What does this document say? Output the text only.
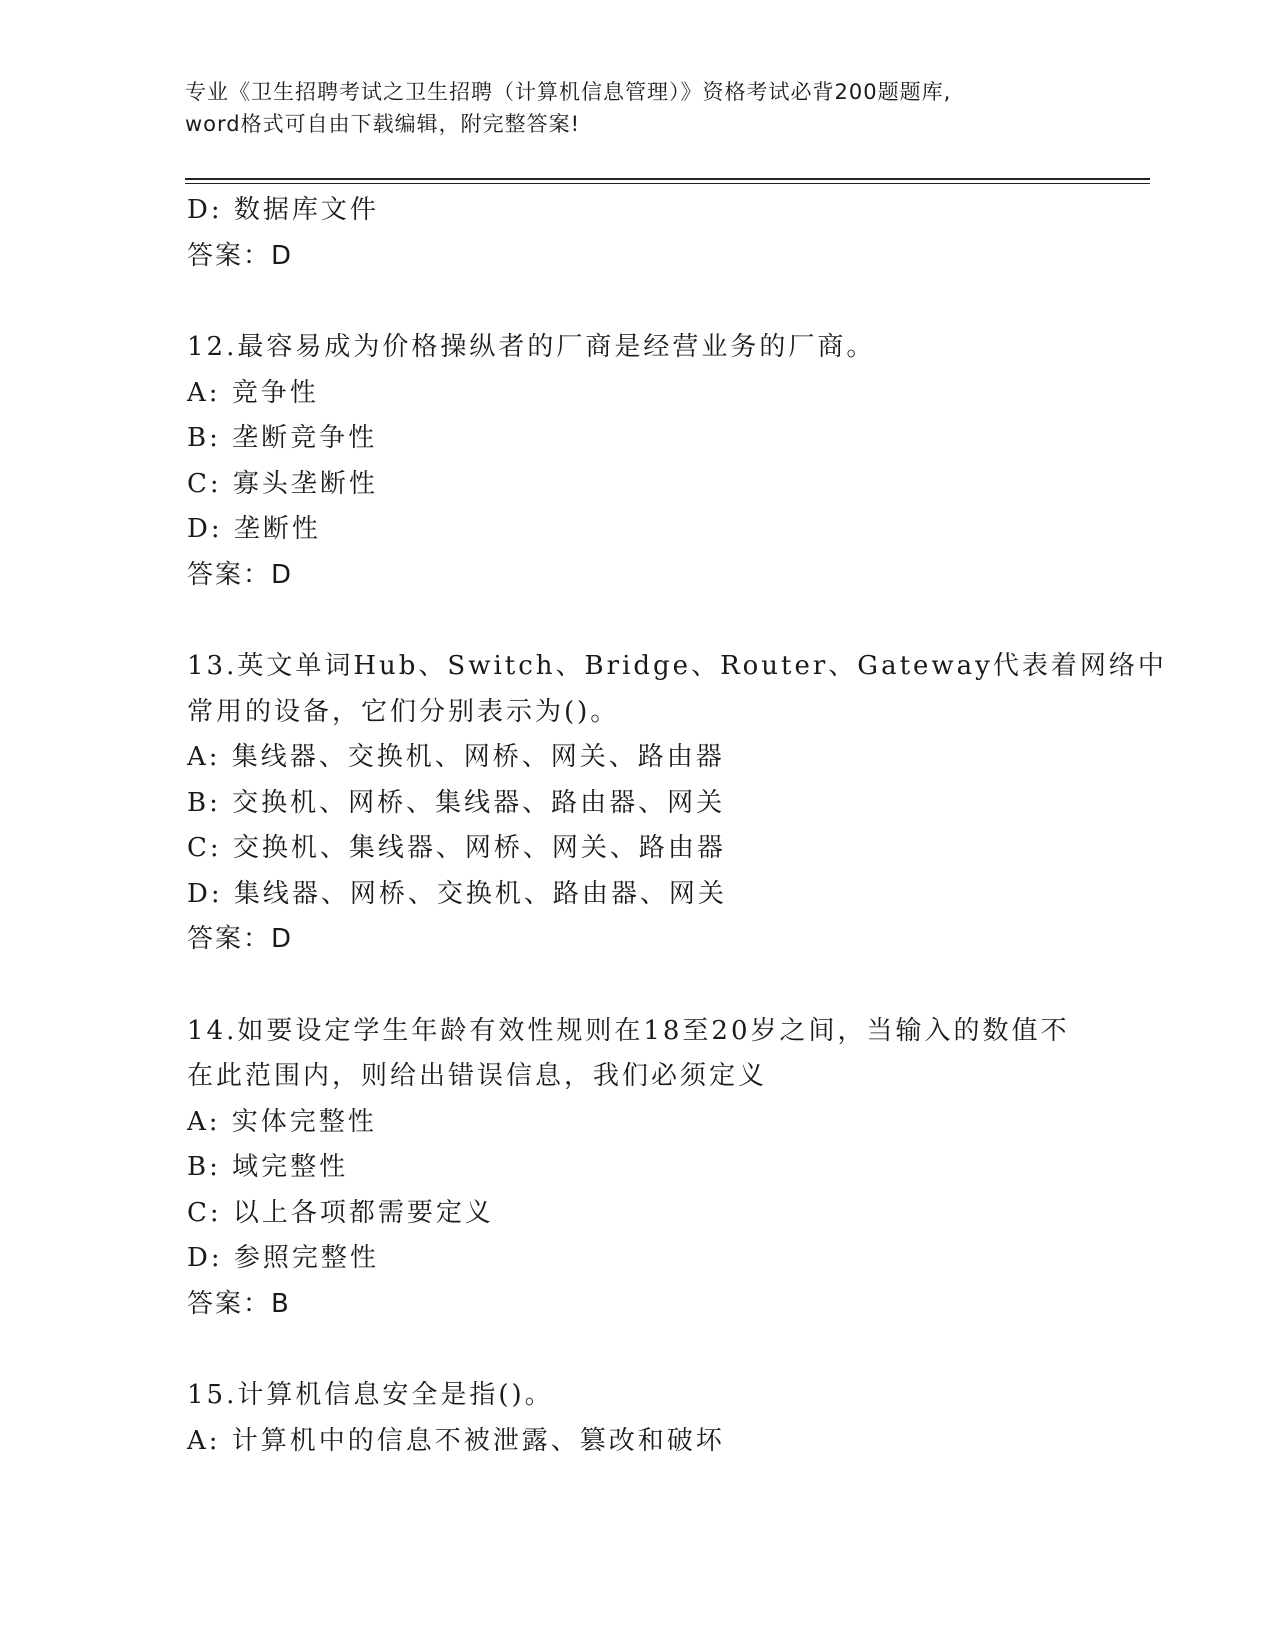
专业《卫生招聘考试之卫生招聘（计算机信息管理）》资格考试必背200题题库,
word格式可自由下载编辑，附完整答案!
D: 数据库文件
答案：D
12.最容易成为价格操纵者的厂商是经营业务的厂商。
A: 竞争性
B: 垄断竞争性
C: 寡头垄断性
D: 垄断性
答案：D
13.英文单词Hub、Switch、Bridge、Router、Gateway代表着网络中
常用的设备，它们分别表示为()。
A: 集线器、交换机、网桥、网关、路由器
B: 交换机、网桥、集线器、路由器、网关
C: 交换机、集线器、网桥、网关、路由器
D: 集线器、网桥、交换机、路由器、网关
答案：D
14.如要设定学生年龄有效性规则在18至20岁之间，当输入的数值不
在此范围内，则给出错误信息，我们必须定义
A: 实体完整性
B: 域完整性
C: 以上各项都需要定义
D: 参照完整性
答案：B
15.计算机信息安全是指()。
A: 计算机中的信息不被泄露、篡改和破坏
